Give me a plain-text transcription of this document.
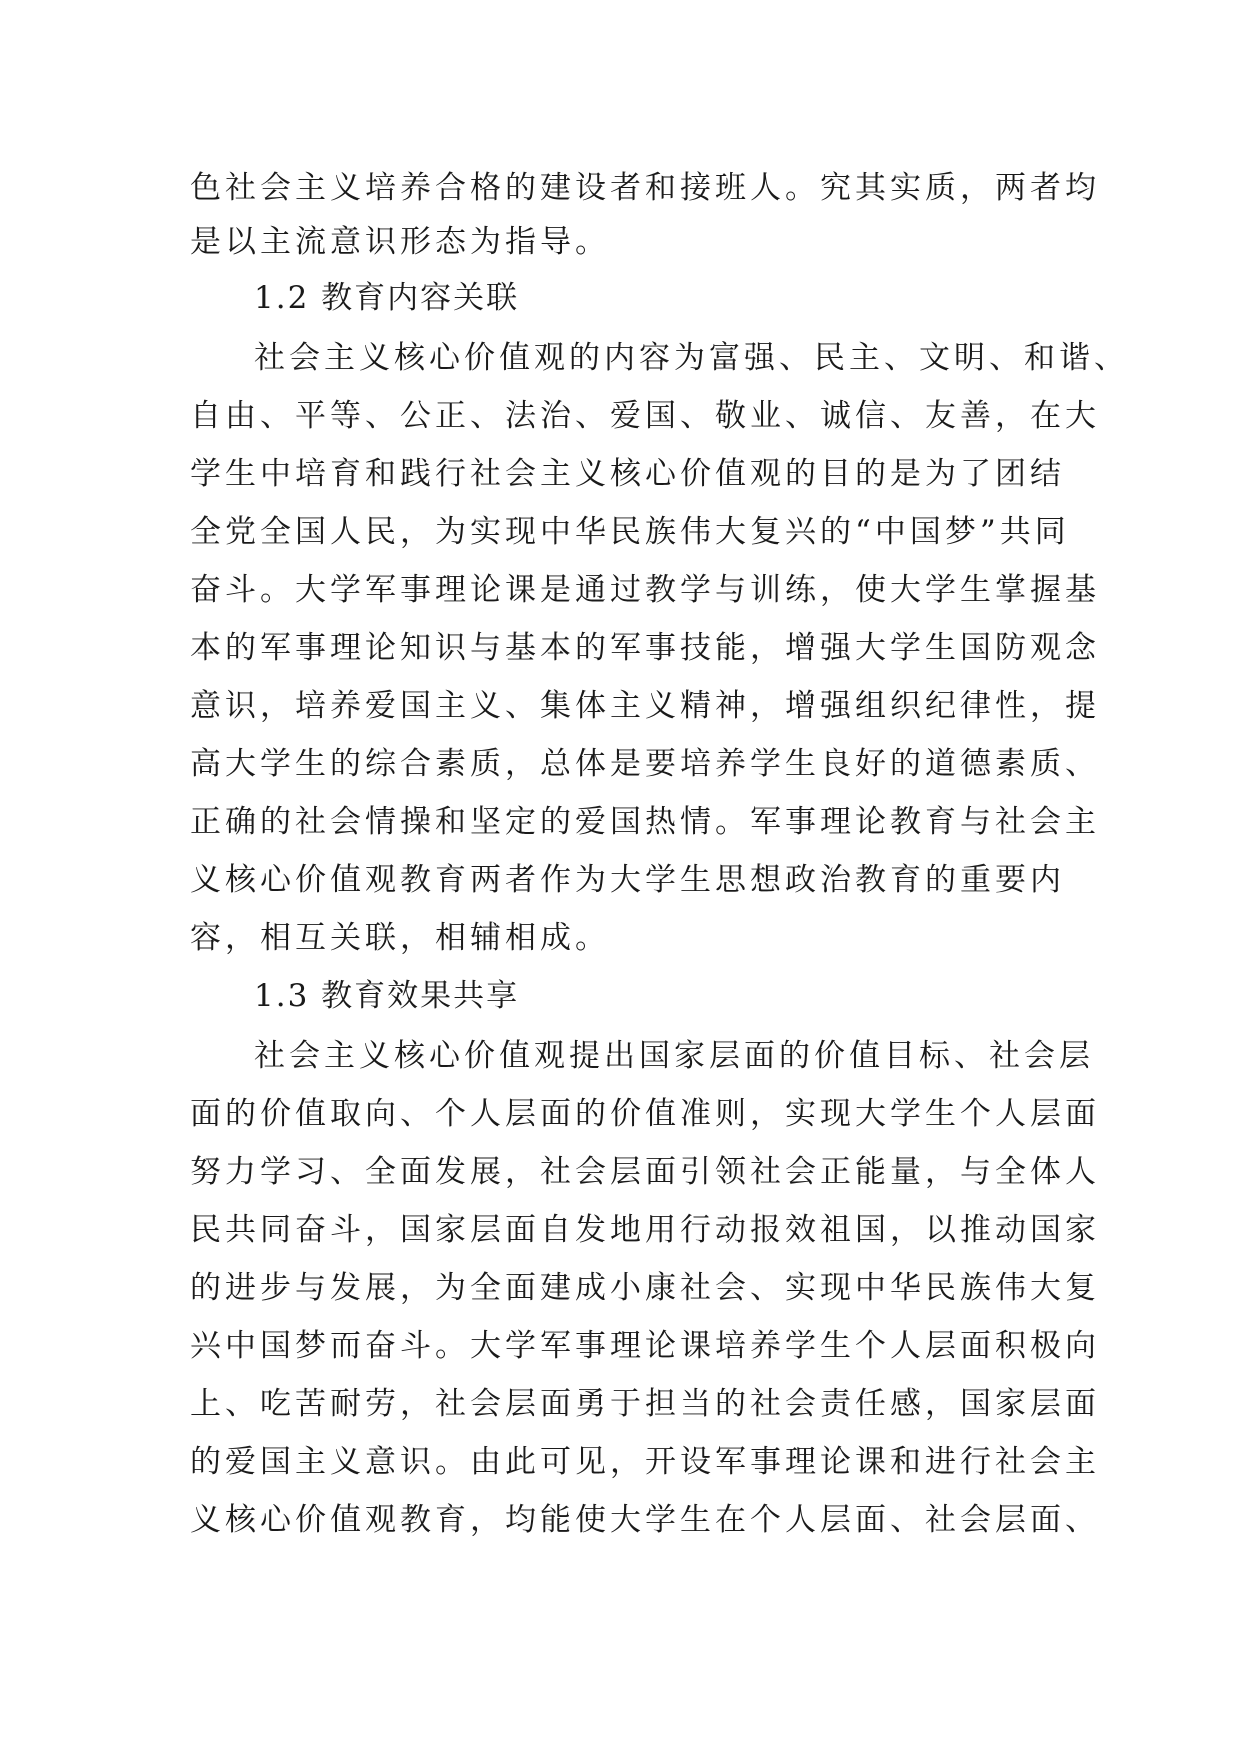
色社会主义培养合格的建设者和接班人。究其实质，两者均
是以主流意识形态为指导。
1.2 教育内容关联
社会主义核心价值观的内容为富强、民主、文明、和谐、
自由、平等、公正、法治、爱国、敬业、诚信、友善，在大
学生中培育和践行社会主义核心价值观的目的是为了团结
全党全国人民，为实现中华民族伟大复兴的“中国梦”共同
奋斗。大学军事理论课是通过教学与训练，使大学生掌握基
本的军事理论知识与基本的军事技能，增强大学生国防观念
意识，培养爱国主义、集体主义精神，增强组织纪律性，提
高大学生的综合素质，总体是要培养学生良好的道德素质、
正确的社会情操和坚定的爱国热情。军事理论教育与社会主
义核心价值观教育两者作为大学生思想政治教育的重要内
容，相互关联，相辅相成。
1.3 教育效果共享
社会主义核心价值观提出国家层面的价值目标、社会层
面的价值取向、个人层面的价值准则，实现大学生个人层面
努力学习、全面发展，社会层面引领社会正能量，与全体人
民共同奋斗，国家层面自发地用行动报效祖国，以推动国家
的进步与发展，为全面建成小康社会、实现中华民族伟大复
兴中国梦而奋斗。大学军事理论课培养学生个人层面积极向
上、吃苦耐劳，社会层面勇于担当的社会责任感，国家层面
的爱国主义意识。由此可见，开设军事理论课和进行社会主
义核心价值观教育，均能使大学生在个人层面、社会层面、
